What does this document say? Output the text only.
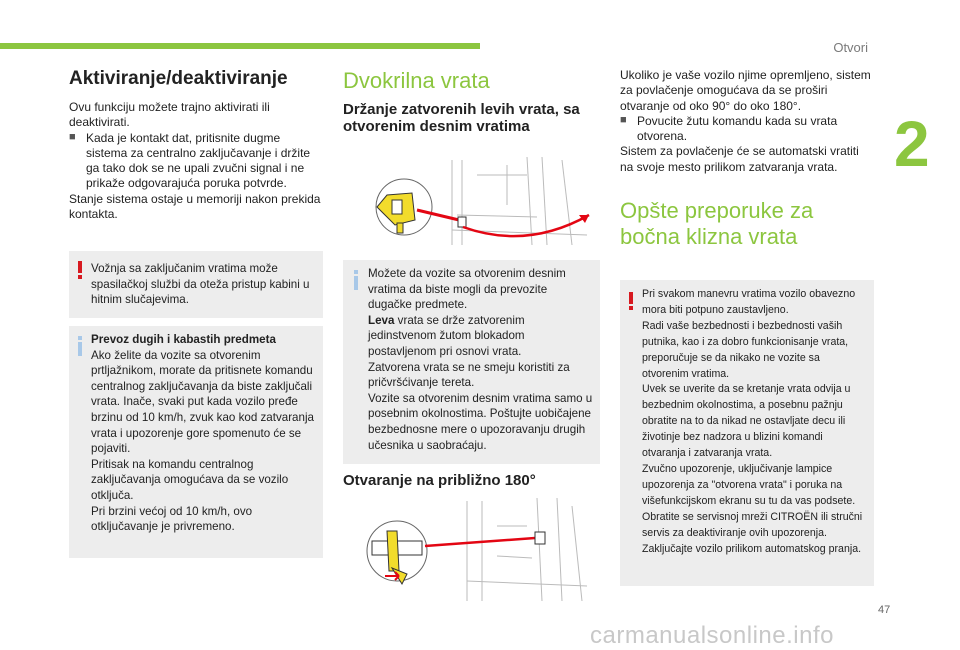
Otvori
2
47
carmanualsonline.info
Aktiviranje/deaktiviranje

Ovu funkciju možete trajno aktivirati ili deaktivirati.

■ Kada je kontakt dat, pritisnite dugme sistema za centralno zaključavanje i držite ga tako dok se ne upali zvučni signal i ne prikaže odgovarajuća poruka potvrde.

Stanje sistema ostaje u memoriji nakon prekida kontakta.

Vožnja sa zaključanim vratima može spasilačkoj službi da oteža pristup kabini u hitnim slučajevima.

Prevoz dugih i kabastih predmeta

Ako želite da vozite sa otvorenim prtljažnikom, morate da pritisnete komandu centralnog zaključavanja da biste zaključali vrata. Inače, svaki put kada vozilo pređe brzinu od 10 km/h, zvuk kao kod zatvaranja vrata i upozorenje gore spomenuto će se pojaviti.

Pritisak na komandu centralnog zaključavanja omogućava da se vozilo otključa.

Pri brzini većoj od 10 km/h, ovo otključavanje je privremeno.

Dvokrilna vrata
Držanje zatvorenih levih vrata, sa otvorenim desnim vratima

Možete da vozite sa otvorenim desnim vratima da biste mogli da prevozite dugačke predmete.

Leva vrata se drže zatvorenim jedinstvenom žutom blokadom postavljenom pri osnovi vrata.

Zatvorena vrata se ne smeju koristiti za pričvršćivanje tereta.

Vozite sa otvorenim desnim vratima samo u posebnim okolnostima. Poštujte uobičajene bezbednosne mere o upozoravanju drugih učesnika u saobraćaju.

Otvaranje na približno 180°

Ukoliko je vaše vozilo njime opremljeno, sistem za povlačenje omogućava da se proširi otvaranje od oko 90° do oko 180°.

■ Povucite žutu komandu kada su vrata otvorena.

Sistem za povlačenje će se automatski vratiti na svoje mesto prilikom zatvaranja vrata.

Opšte preporuke za bočna klizna vrata

Pri svakom manevru vratima vozilo obavezno mora biti potpuno zaustavljeno.

Radi vaše bezbednosti i bezbednosti vaših putnika, kao i za dobro funkcionisanje vrata, preporučuje se da nikako ne vozite sa otvorenim vratima.

Uvek se uverite da se kretanje vrata odvija u bezbednim okolnostima, a posebnu pažnju obratite na to da nikad ne ostavljate decu ili životinje bez nadzora u blizini komandi otvaranja i zatvaranja vrata.

Zvučno upozorenje, uključivanje lampice upozorenja za "otvorena vrata" i poruka na višefunkcijskom ekranu su tu da vas podsete.

Obratite se servisnoj mreži CITROËN ili stručni servis za deaktiviranje ovih upozorenja.

Zaključajte vozilo prilikom automatskog pranja.
